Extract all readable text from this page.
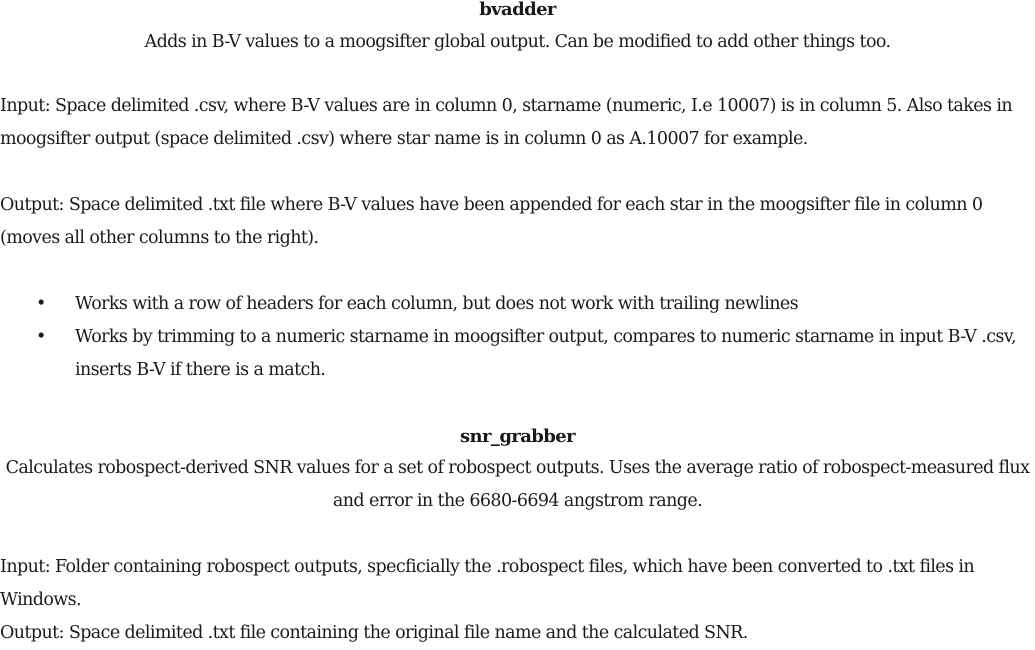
bvadder
Adds in B-V values to a moogsifter global output. Can be modified to add other things too.
Input: Space delimited .csv, where B-V values are in column 0, starname (numeric, I.e 10007) is in column 5. Also takes in moogsifter output (space delimited .csv) where star name is in column 0 as A.10007 for example.
Output: Space delimited .txt file where B-V values have been appended for each star in the moogsifter file in column 0 (moves all other columns to the right).
• Works with a row of headers for each column, but does not work with trailing newlines
• Works by trimming to a numeric starname in moogsifter output, compares to numeric starname in input B-V .csv, inserts B-V if there is a match.
snr_grabber
Calculates robospect-derived SNR values for a set of robospect outputs. Uses the average ratio of robospect-measured flux and error in the 6680-6694 angstrom range.
Input: Folder containing robospect outputs, specficially the .robospect files, which have been converted to .txt files in Windows.
Output: Space delimited .txt file containing the original file name and the calculated SNR.
